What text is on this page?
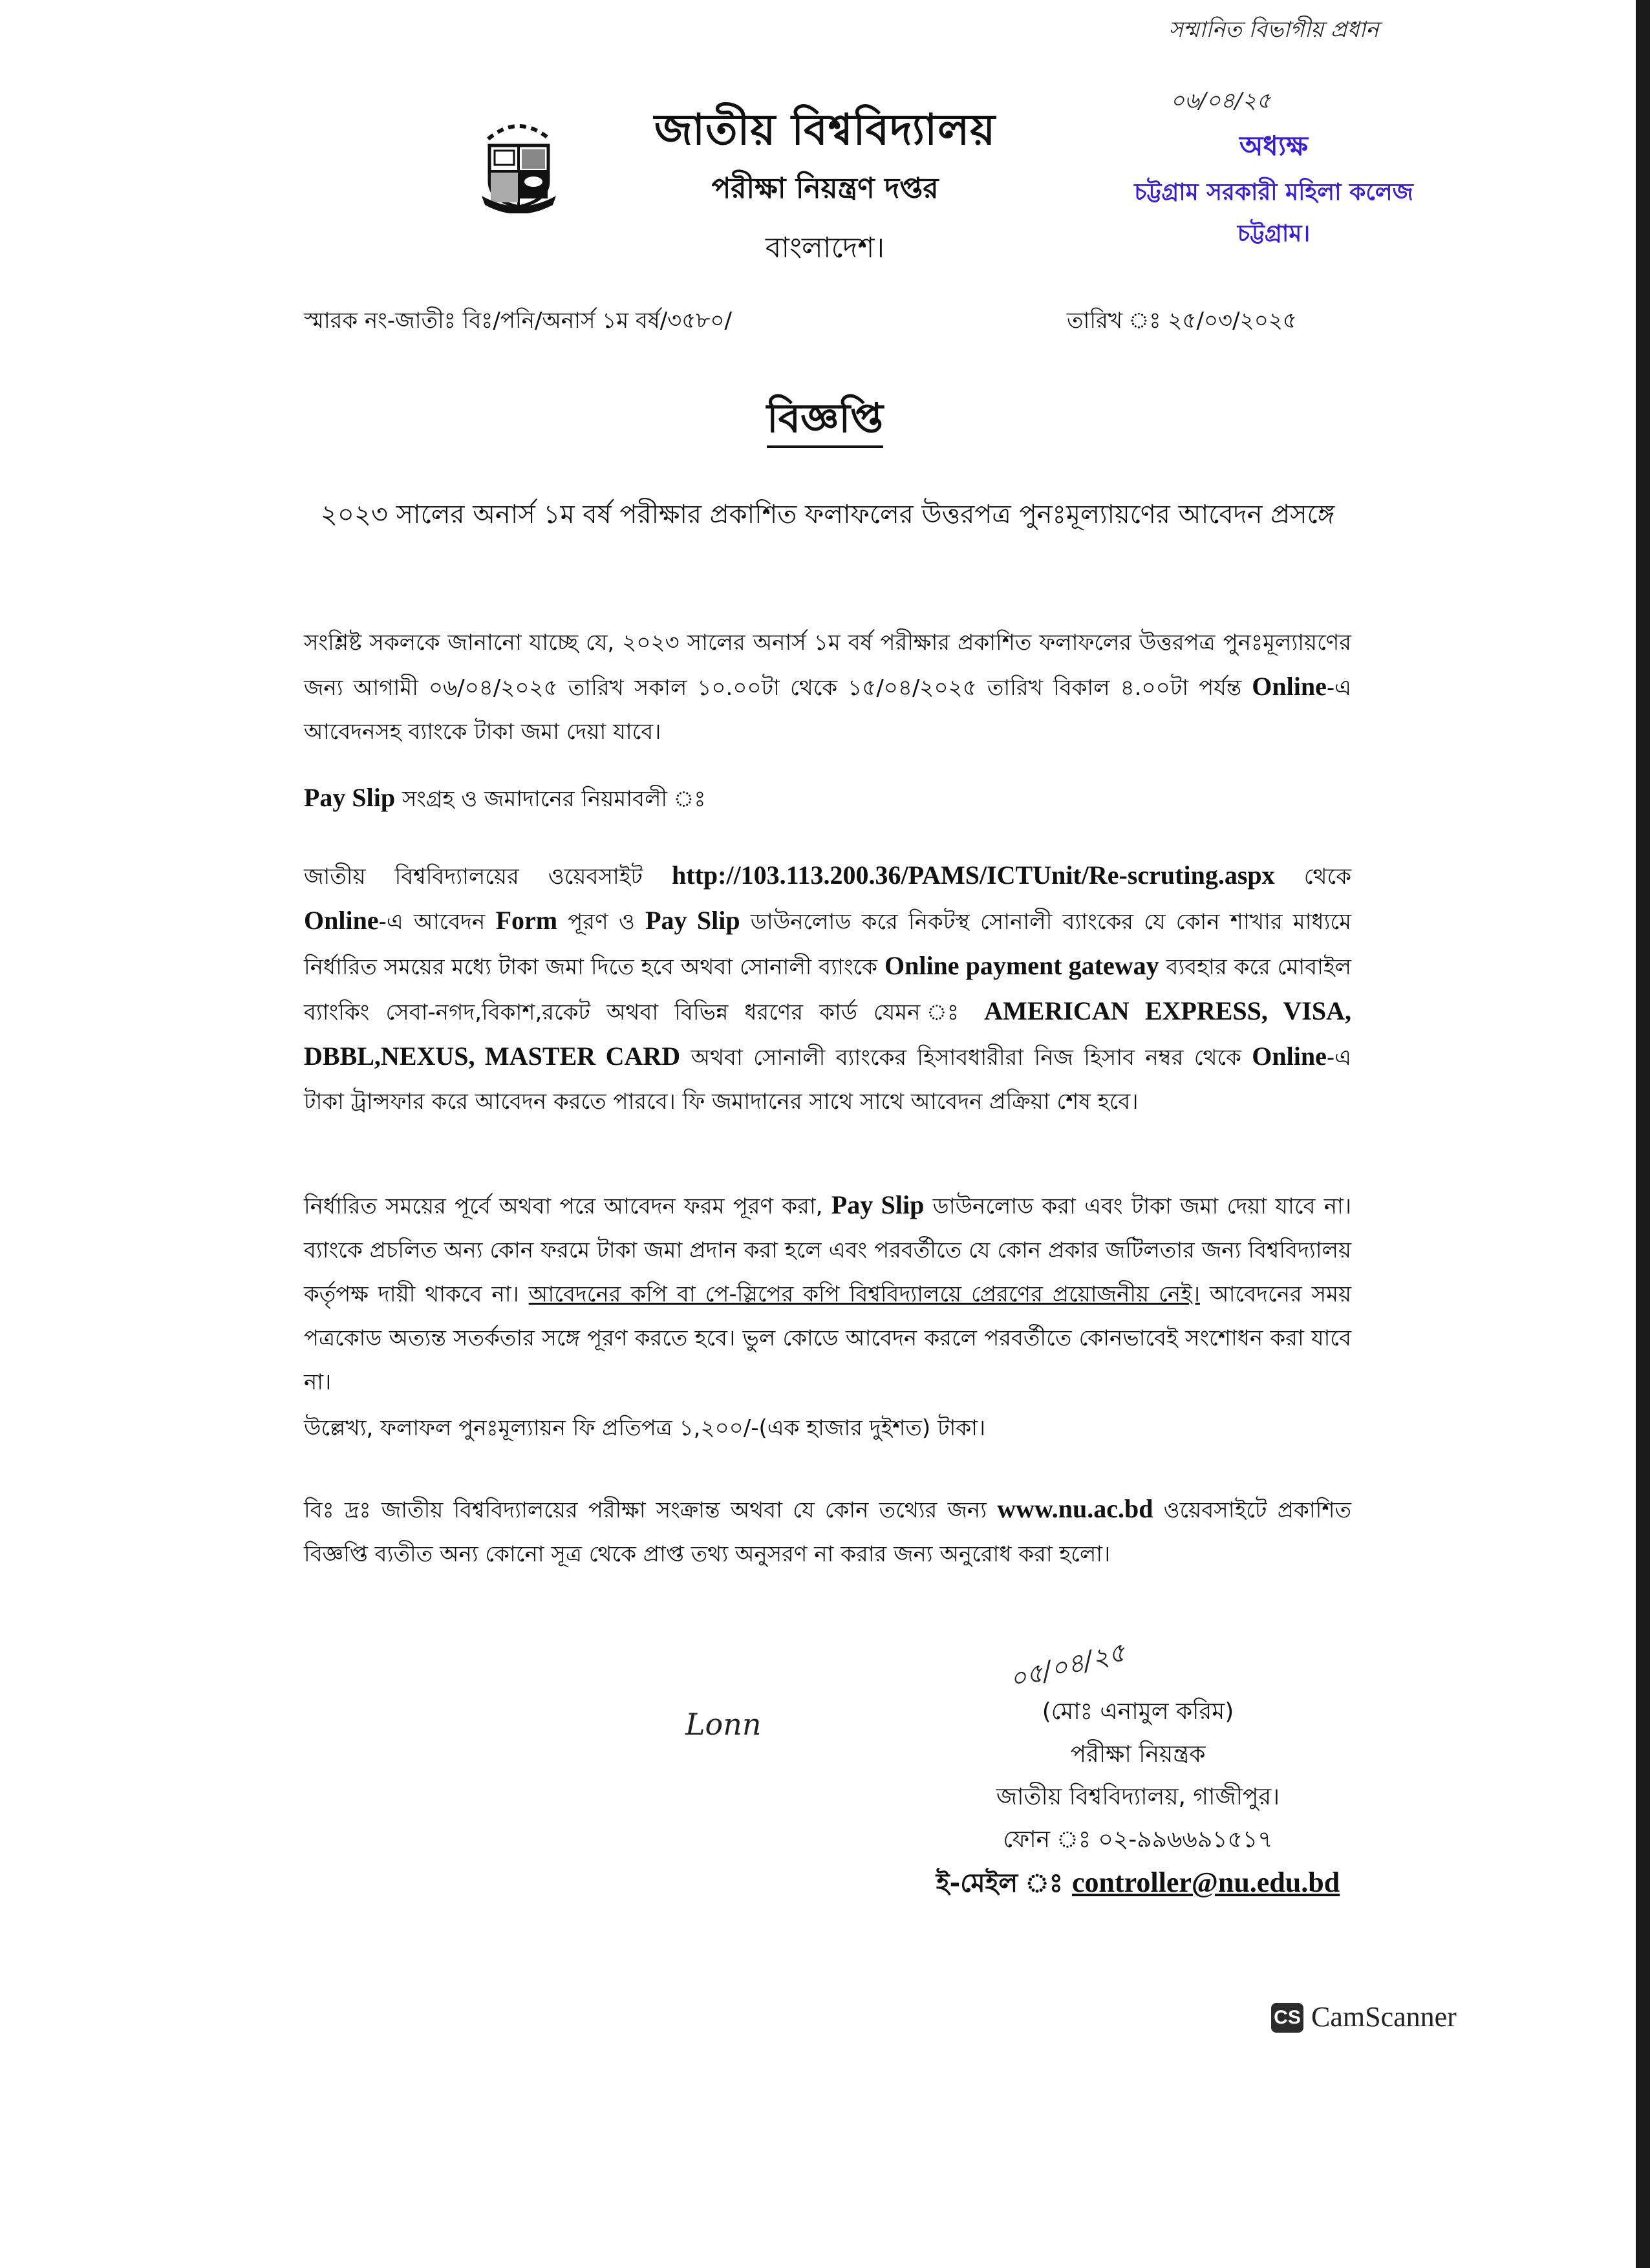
সম্মানিত বিভাগীয় প্রধান
জাতীয় বিশ্ববিদ্যালয়
পরীক্ষা নিয়ন্ত্রণ দপ্তর
বাংলাদেশ।
০৬/০৪/২৫
অধ্যক্ষ
চট্টগ্রাম সরকারী মহিলা কলেজ
চট্টগ্রাম।
স্মারক নং-জাতীঃ বিঃ/পনি/অনার্স ১ম বর্ষ/৩৫৮০/	তারিখ ঃ ২৫/০৩/২০২৫
বিজ্ঞপ্তি
২০২৩ সালের অনার্স ১ম বর্ষ পরীক্ষার প্রকাশিত ফলাফলের উত্তরপত্র পুনঃমূল্যায়ণের আবেদন প্রসঙ্গে
সংশ্লিষ্ট সকলকে জানানো যাচ্ছে যে, ২০২৩ সালের অনার্স ১ম বর্ষ পরীক্ষার প্রকাশিত ফলাফলের উত্তরপত্র পুনঃমূল্যায়ণের জন্য আগামী ০৬/০৪/২০২৫ তারিখ সকাল ১০.০০টা থেকে ১৫/০৪/২০২৫ তারিখ বিকাল ৪.০০টা পর্যন্ত Online-এ আবেদনসহ ব্যাংকে টাকা জমা দেয়া যাবে।
Pay Slip সংগ্রহ ও জমাদানের নিয়মাবলী ঃ
জাতীয় বিশ্ববিদ্যালয়ের ওয়েবসাইট http://103.113.200.36/PAMS/ICTUnit/Re-scruting.aspx থেকে Online-এ আবেদন Form পূরণ ও Pay Slip ডাউনলোড করে নিকটস্থ সোনালী ব্যাংকের যে কোন শাখার মাধ্যমে নির্ধারিত সময়ের মধ্যে টাকা জমা দিতে হবে অথবা সোনালী ব্যাংকে Online payment gateway ব্যবহার করে মোবাইল ব্যাংকিং সেবা-নগদ,বিকাশ,রকেট অথবা বিভিন্ন ধরণের কার্ড যেমন ঃ AMERICAN EXPRESS, VISA, DBBL,NEXUS, MASTER CARD অথবা সোনালী ব্যাংকের হিসাবধারীরা নিজ হিসাব নম্বর থেকে Online-এ টাকা ট্রান্সফার করে আবেদন করতে পারবে। ফি জমাদানের সাথে সাথে আবেদন প্রক্রিয়া শেষ হবে।
নির্ধারিত সময়ের পূর্বে অথবা পরে আবেদন ফরম পূরণ করা, Pay Slip ডাউনলোড করা এবং টাকা জমা দেয়া যাবে না। ব্যাংকে প্রচলিত অন্য কোন ফরমে টাকা জমা প্রদান করা হলে এবং পরবর্তীতে যে কোন প্রকার জটিলতার জন্য বিশ্ববিদ্যালয় কর্তৃপক্ষ দায়ী থাকবে না। আবেদনের কপি বা পে-স্লিপের কপি বিশ্ববিদ্যালয়ে প্রেরণের প্রয়োজনীয় নেই। আবেদনের সময় পত্রকোড অত্যন্ত সতর্কতার সঙ্গে পূরণ করতে হবে। ভুল কোডে আবেদন করলে পরবর্তীতে কোনভাবেই সংশোধন করা যাবে না।
উল্লেখ্য, ফলাফল পুনঃমূল্যায়ন ফি প্রতিপত্র ১,২০০/-(এক হাজার দুইশত) টাকা।
বিঃ দ্রঃ জাতীয় বিশ্ববিদ্যালয়ের পরীক্ষা সংক্রান্ত অথবা যে কোন তথ্যের জন্য www.nu.ac.bd ওয়েবসাইটে প্রকাশিত বিজ্ঞপ্তি ব্যতীত অন্য কোনো সূত্র থেকে প্রাপ্ত তথ্য অনুসরণ না করার জন্য অনুরোধ করা হলো।
Lonn
০৫/০৪/২৫
(মোঃ এনামুল করিম)
পরীক্ষা নিয়ন্ত্রক
জাতীয় বিশ্ববিদ্যালয়, গাজীপুর।
ফোন ঃ ০২-৯৯৬৬৯১৫১৭
ই-মেইল ঃ controller@nu.edu.bd
CS CamScanner
